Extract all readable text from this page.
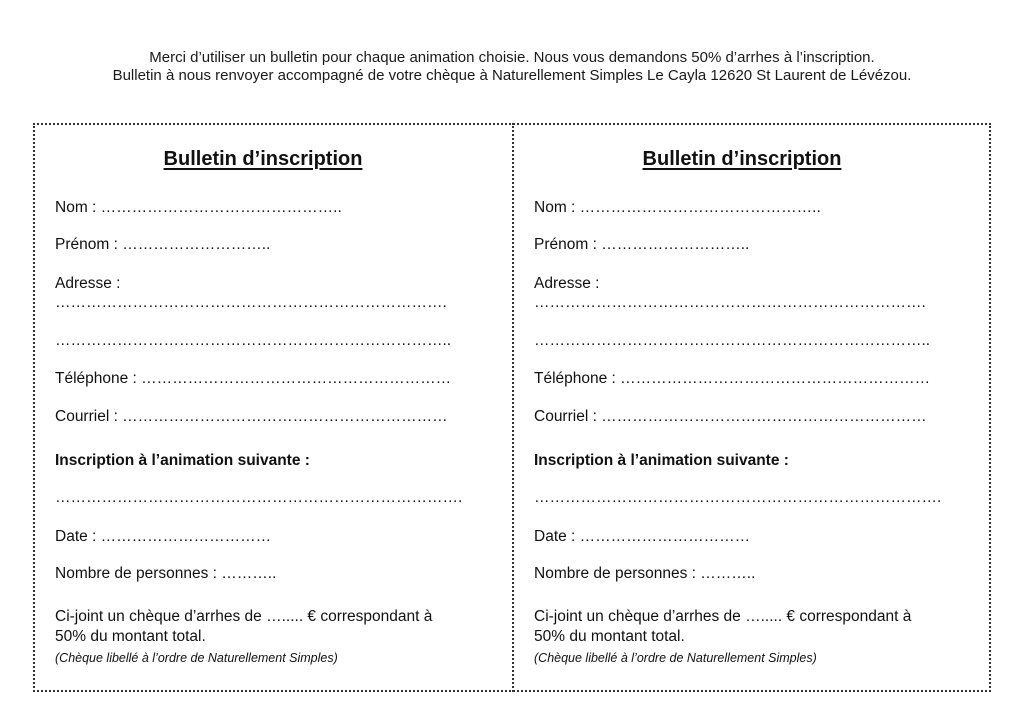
Merci d’utiliser un bulletin pour chaque animation choisie. Nous vous demandons 50% d’arrhes à l’inscription.
Bulletin à nous renvoyer accompagné de votre chèque à Naturellement Simples Le Cayla 12620 St Laurent de Lévézou.
Bulletin d’inscription
Nom : ………………………………………..
Prénom : ………………………..
Adresse :
………………………………………………………………….
…………………………………………………………………..
Téléphone : ……………………………………………………
Courriel : ………………………………………………………
Inscription à l’animation suivante :
…………………………………………………………………….
Date : ……………………………
Nombre de personnes : ………..
Ci-joint un chèque d’arrhes de …..... € correspondant à
50% du montant total.
(Chèque libellé à l’ordre de Naturellement Simples)
Bulletin d’inscription
Nom : ………………………………………..
Prénom : ………………………..
Adresse :
………………………………………………………………….
…………………………………………………………………..
Téléphone : ……………………………………………………
Courriel : ………………………………………………………
Inscription à l’animation suivante :
…………………………………………………………………….
Date : ……………………………
Nombre de personnes : ………..
Ci-joint un chèque d’arrhes de …..... € correspondant à
50% du montant total.
(Chèque libellé à l’ordre de Naturellement Simples)
